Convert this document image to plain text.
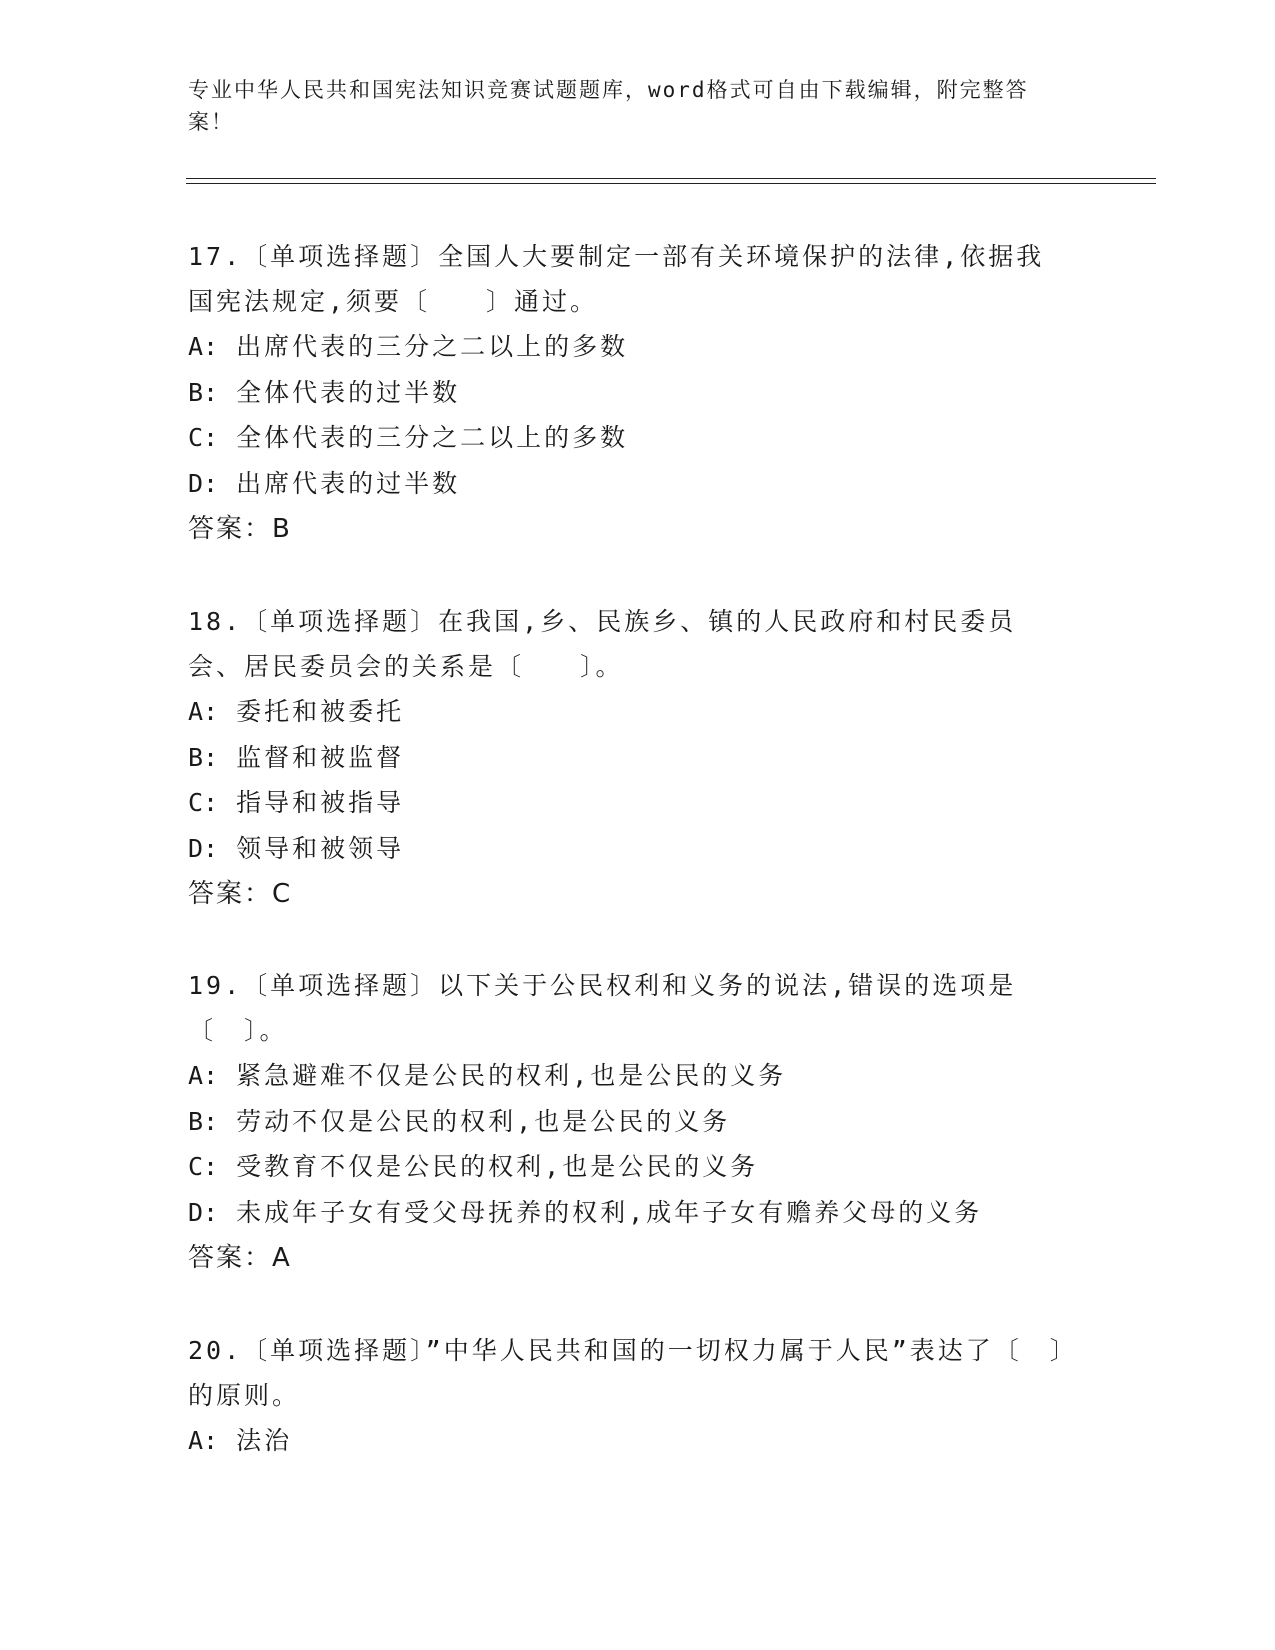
专业中华人民共和国宪法知识竞赛试题题库，word格式可自由下载编辑，附完整答案！

17.〔单项选择题〕全国人大要制定一部有关环境保护的法律,依据我国宪法规定,须要〔　　〕通过。

A: 出席代表的三分之二以上的多数

B: 全体代表的过半数

C: 全体代表的三分之二以上的多数

D: 出席代表的过半数

答案：B

18.〔单项选择题〕在我国,乡、民族乡、镇的人民政府和村民委员会、居民委员会的关系是〔　　〕。

A: 委托和被委托

B: 监督和被监督

C: 指导和被指导

D: 领导和被领导

答案：C

19.〔单项选择题〕以下关于公民权利和义务的说法,错误的选项是〔　〕。

A: 紧急避难不仅是公民的权利,也是公民的义务

B: 劳动不仅是公民的权利,也是公民的义务

C: 受教育不仅是公民的权利,也是公民的义务

D: 未成年子女有受父母抚养的权利,成年子女有赡养父母的义务

答案：A

20.〔单项选择题〕”中华人民共和国的一切权力属于人民”表达了〔　〕的原则。

A: 法治
